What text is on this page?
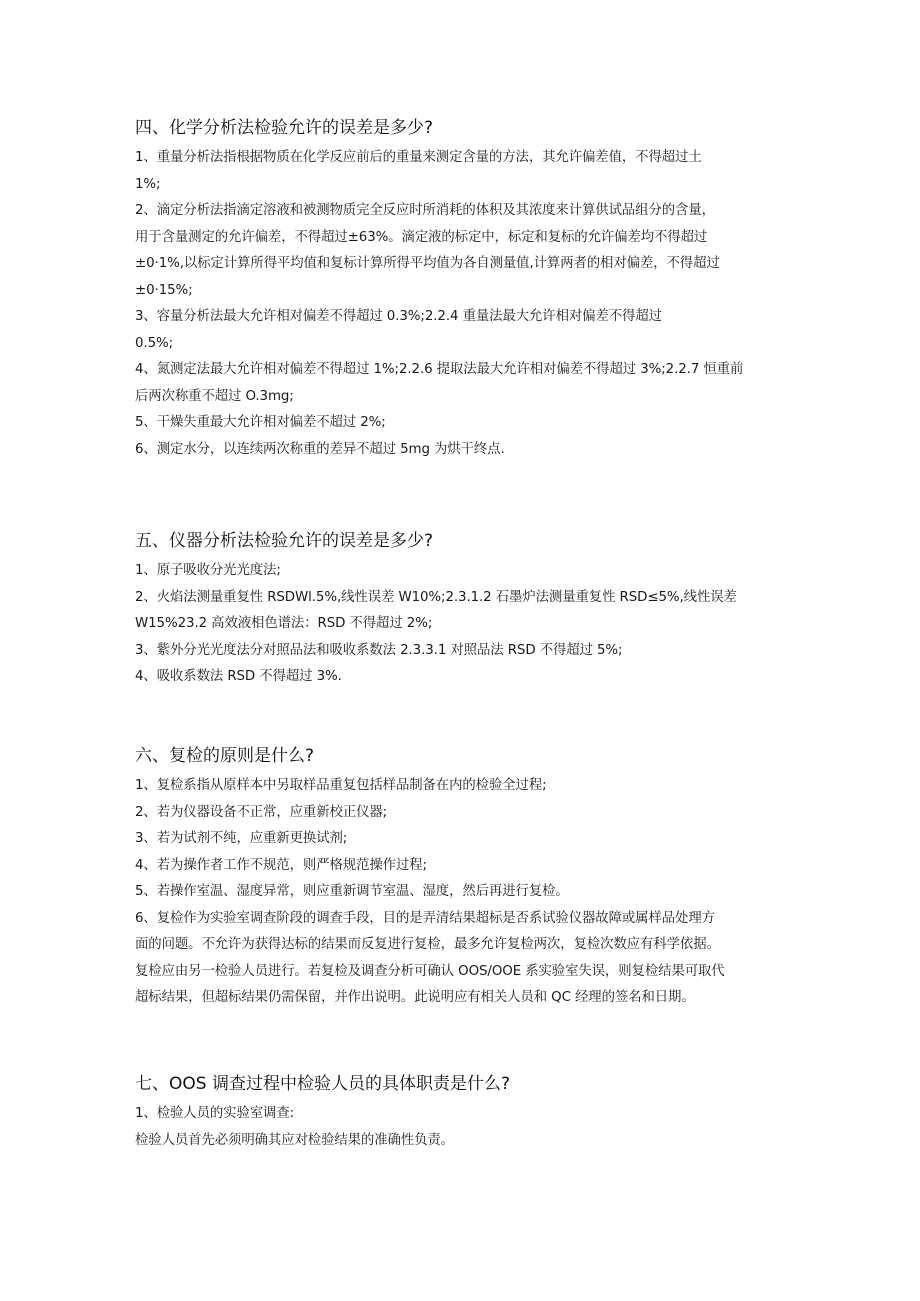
四、化学分析法检验允许的误差是多少?

1、重量分析法指根据物质在化学反应前后的重量来测定含量的方法，其允许偏差值，不得超过土

1%;

2、滴定分析法指滴定溶液和被测物质完全反应时所消耗的体积及其浓度来计算供试品组分的含量，

用于含量测定的允许偏差，不得超过±63%。滴定液的标定中，标定和复标的允许偏差均不得超过

±0·1%,以标定计算所得平均值和复标计算所得平均值为各自测量值,计算两者的相对偏差，不得超过

±0·15%;

3、容量分析法最大允许相对偏差不得超过 0.3%;2.2.4 重量法最大允许相对偏差不得超过

0.5%;

4、氮测定法最大允许相对偏差不得超过 1%;2.2.6 提取法最大允许相对偏差不得超过 3%;2.2.7 恒重前

后两次称重不超过 O.3mg;

5、干燥失重最大允许相对偏差不超过 2%;

6、测定水分，以连续两次称重的差异不超过 5mg 为烘干终点.

五、仪器分析法检验允许的误差是多少?

1、原子吸收分光光度法;

2、火焰法测量重复性 RSDWl.5%,线性误差 W10%;2.3.1.2 石墨炉法测量重复性 RSD≤5%,线性误差

W15%23.2 高效液相色谱法：RSD 不得超过 2%;

3、紫外分光光度法分对照品法和吸收系数法 2.3.3.1 对照品法 RSD 不得超过 5%;

4、吸收系数法 RSD 不得超过 3%.

六、复检的原则是什么?

1、复检系指从原样本中另取样品重复包括样品制备在内的检验全过程;

2、若为仪器设备不正常，应重新校正仪器;

3、若为试剂不纯，应重新更换试剂;

4、若为操作者工作不规范，则严格规范操作过程;

5、若操作室温、湿度异常，则应重新调节室温、湿度，然后再进行复检。

6、复检作为实验室调查阶段的调查手段，目的是弄清结果超标是否系试验仪器故障或属样品处理方

面的问题。不允许为获得达标的结果而反复进行复检，最多允许复检两次，复检次数应有科学依据。

复检应由另一检验人员进行。若复检及调查分析可确认 OOS/OOE 系实验室失误，则复检结果可取代

超标结果，但超标结果仍需保留，并作出说明。此说明应有相关人员和 QC 经理的签名和日期。

七、OOS 调查过程中检验人员的具体职责是什么?

1、检验人员的实验室调查:

检验人员首先必须明确其应对检验结果的准确性负责。
